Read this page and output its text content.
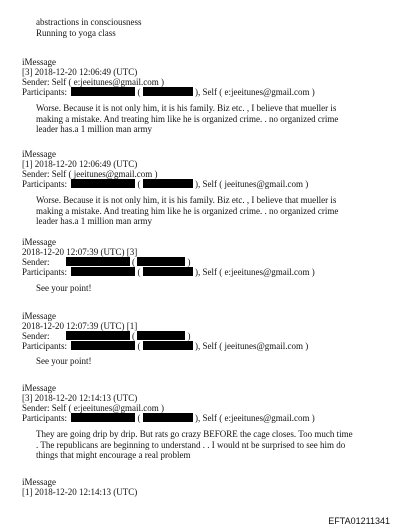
abstractions in consciousness
Running to yoga class
iMessage
[3] 2018-12-20 12:06:49 (UTC)
Sender: Self ( e:jeeitunes@gmail.com )
Participants:	(	), Self ( e:jeeitunes@gmail.com )
Worse. Because it is not only him, it is his family. Biz etc. , I believe that mueller is making a mistake. And treating him like he is organized crime. . no organized crime leader has.a 1 million man army
iMessage
[1] 2018-12-20 12:06:49 (UTC)
Sender: Self ( jeeitunes@gmail.com )
Participants:	(	), Self ( jeeitunes@gmail.com )
Worse. Because it is not only him, it is his family. Biz etc. , I believe that mueller is making a mistake. And treating him like he is organized crime. . no organized crime leader has.a 1 million man army
iMessage
2018-12-20 12:07:39 (UTC) [3]
Sender:	(	)
Participants:	(	), Self ( e:jeeitunes@gmail.com )
See your point!
iMessage
2018-12-20 12:07:39 (UTC) [1]
Sender:	(	)
Participants:	(	), Self ( jeeitunes@gmail.com )
See your point!
iMessage
[3] 2018-12-20 12:14:13 (UTC)
Sender: Self ( e:jeeitunes@gmail.com )
Participants:	(	), Self ( e:jeeitunes@gmail.com )
They are going drip by drip. But rats go crazy BEFORE the cage closes. Too much time . The republicans are beginning to understand . . I would nt be surprised to see him do things that might encourage a real problem
iMessage
[1] 2018-12-20 12:14:13 (UTC)
EFTA01211341
